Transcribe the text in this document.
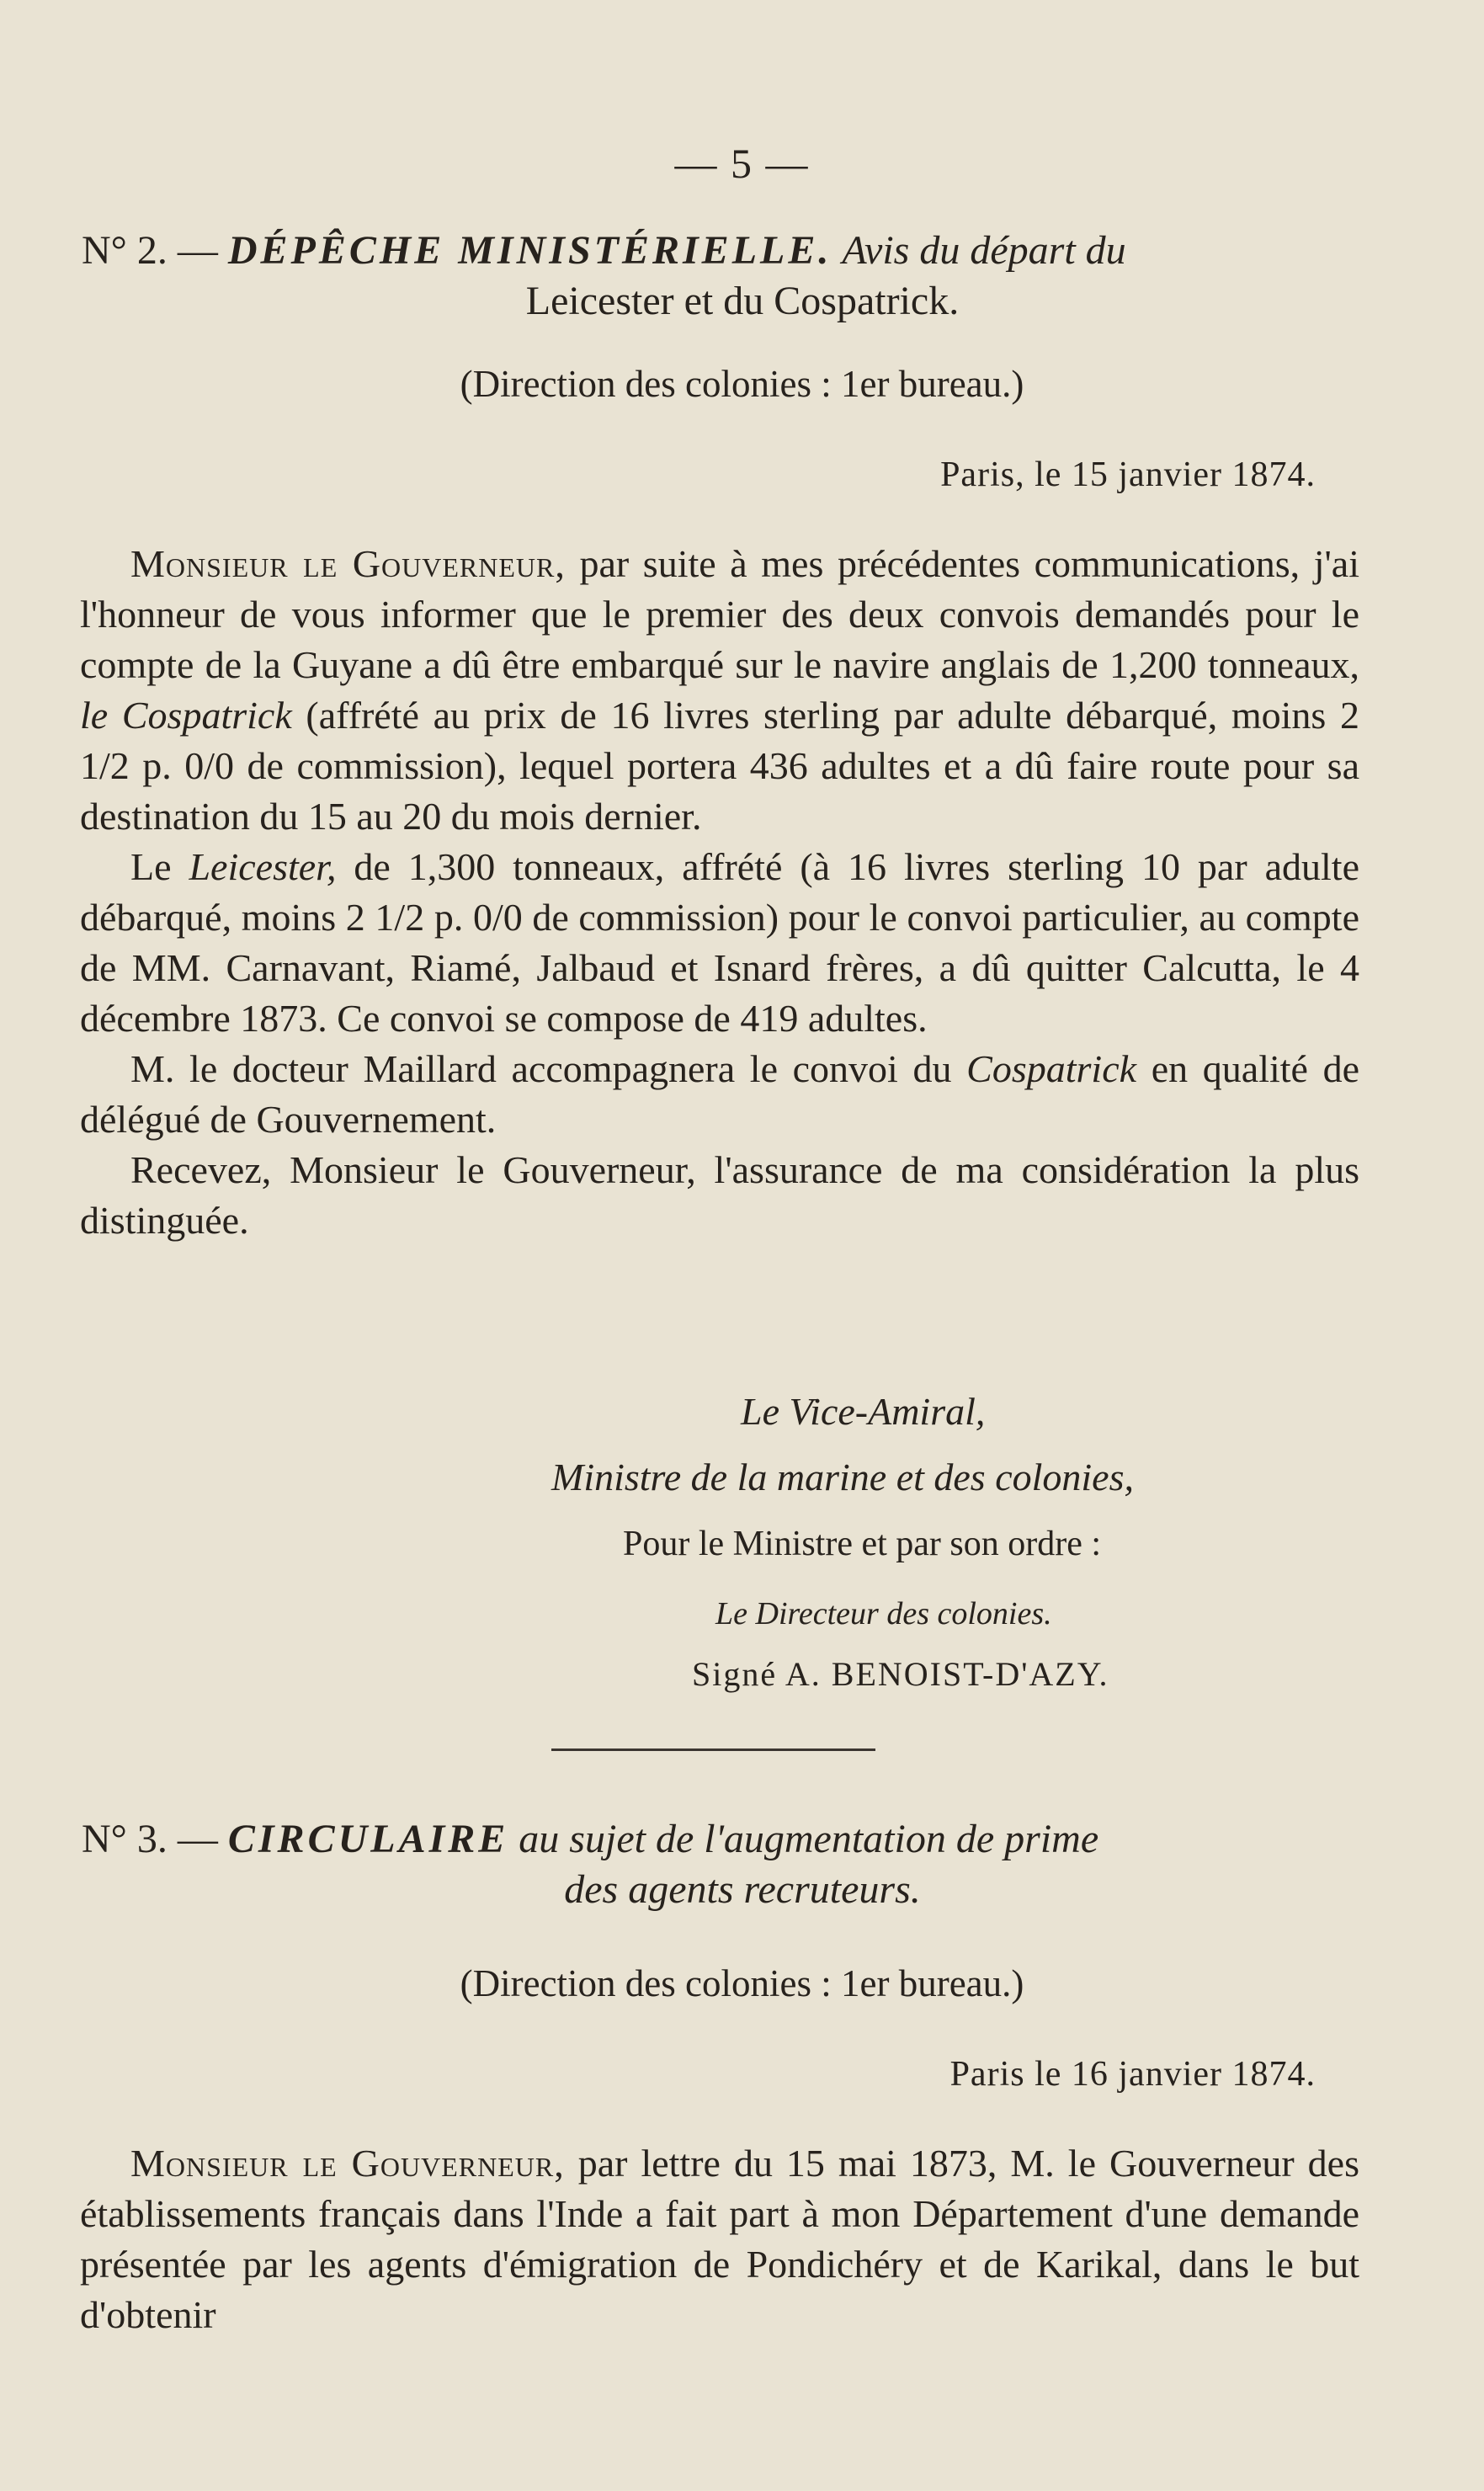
— 5 —
N° 2. — DÉPÊCHE MINISTÉRIELLE. Avis du départ du
Leicester et du Cospatrick.
(Direction des colonies : 1er bureau.)
Paris, le 15 janvier 1874.

Monsieur le Gouverneur, par suite à mes précédentes communications, j'ai l'honneur de vous informer que le premier des deux convois demandés pour le compte de la Guyane a dû être embarqué sur le navire anglais de 1,200 tonneaux, le Cospatrick (affrété au prix de 16 livres sterling par adulte débarqué, moins 2 1/2 p. 0/0 de commission), lequel portera 436 adultes et a dû faire route pour sa destination du 15 au 20 du mois dernier.

Le Leicester, de 1,300 tonneaux, affrété (à 16 livres sterling 10 par adulte débarqué, moins 2 1/2 p. 0/0 de commission) pour le convoi particulier, au compte de MM. Carnavant, Riamé, Jalbaud et Isnard frères, a dû quitter Calcutta, le 4 décembre 1873. Ce convoi se compose de 419 adultes.

M. le docteur Maillard accompagnera le convoi du Cospatrick en qualité de délégué de Gouvernement.

Recevez, Monsieur le Gouverneur, l'assurance de ma considération la plus distinguée.

Le Vice-Amiral,
Ministre de la marine et des colonies,
Pour le Ministre et par son ordre :
Le Directeur des colonies.
Signé A. BENOIST-D'AZY.
N° 3. — CIRCULAIRE au sujet de l'augmentation de prime
des agents recruteurs.
(Direction des colonies : 1er bureau.)
Paris le 16 janvier 1874.

Monsieur le Gouverneur, par lettre du 15 mai 1873, M. le Gouverneur des établissements français dans l'Inde a fait part à mon Département d'une demande présentée par les agents d'émigration de Pondichéry et de Karikal, dans le but d'obtenir
